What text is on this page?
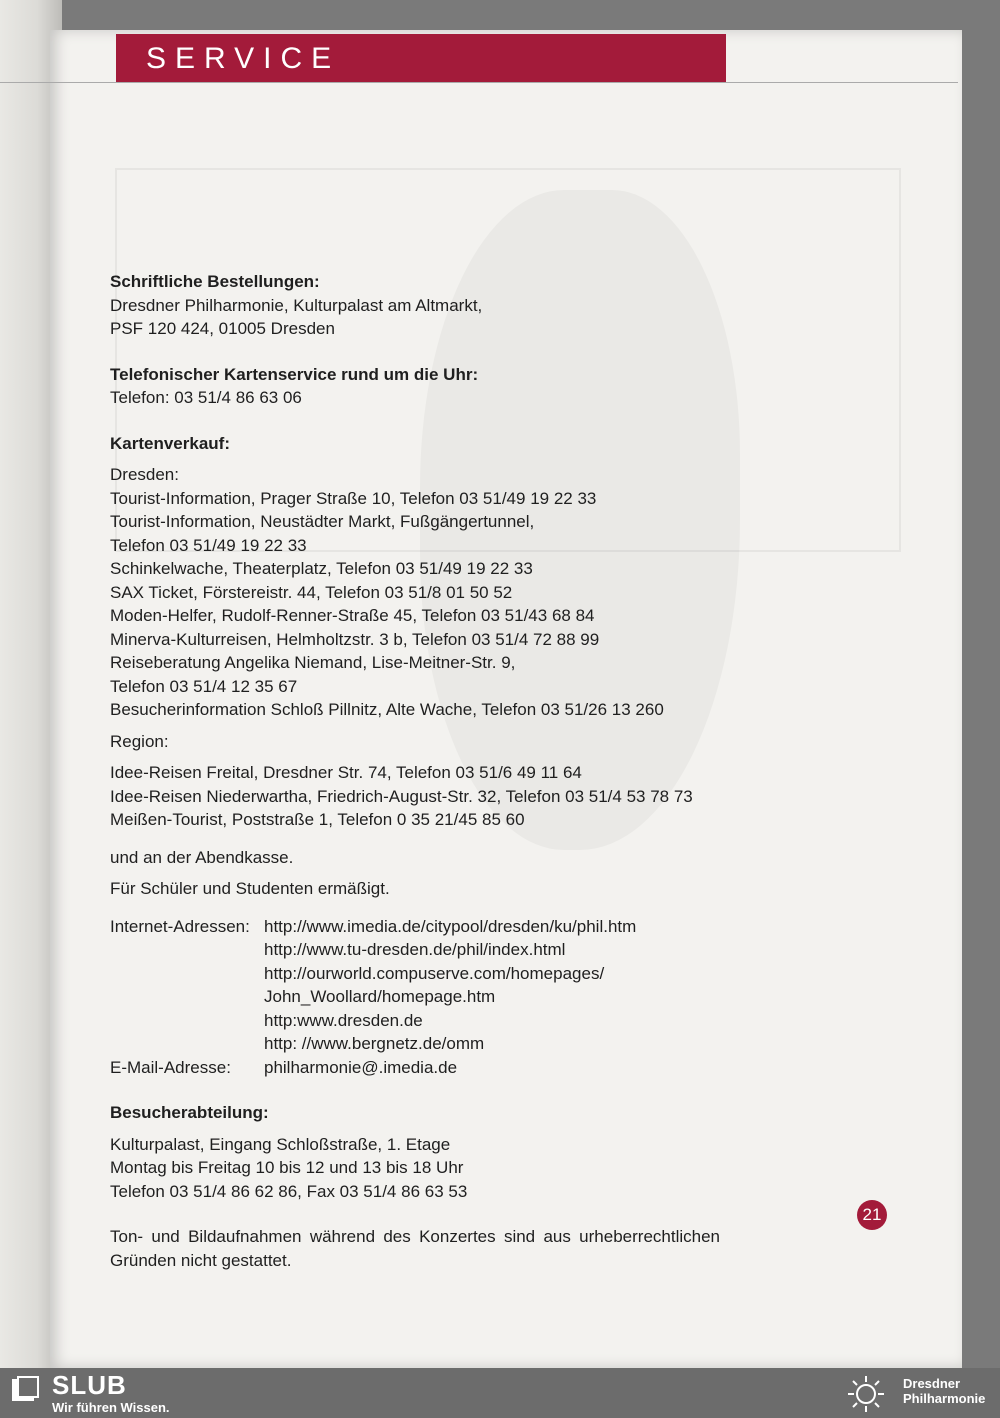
SERVICE

Schriftliche Bestellungen:

Dresdner Philharmonie, Kulturpalast am Altmarkt,

PSF 120 424, 01005 Dresden

Telefonischer Kartenservice rund um die Uhr:

Telefon: 03 51/4 86 63 06

Kartenverkauf:

Dresden:

Tourist-Information, Prager Straße 10, Telefon 03 51/49 19 22 33

Tourist-Information, Neustädter Markt, Fußgängertunnel,

Telefon 03 51/49 19 22 33

Schinkelwache, Theaterplatz, Telefon 03 51/49 19 22 33

SAX Ticket, Förstereistr. 44, Telefon 03 51/8 01 50 52

Moden-Helfer, Rudolf-Renner-Straße 45, Telefon 03 51/43 68 84

Minerva-Kulturreisen, Helmholtzstr. 3 b, Telefon 03 51/4 72 88 99

Reiseberatung Angelika Niemand, Lise-Meitner-Str. 9,

Telefon 03 51/4 12 35 67

Besucherinformation Schloß Pillnitz, Alte Wache, Telefon 03 51/26 13 260

Region:

Idee-Reisen Freital, Dresdner Str. 74, Telefon 03 51/6 49 11 64

Idee-Reisen Niederwartha, Friedrich-August-Str. 32, Telefon 03 51/4 53 78 73

Meißen-Tourist, Poststraße 1, Telefon 0 35 21/45 85 60

und an der Abendkasse.

Für Schüler und Studenten ermäßigt.

Internet-Adressen: http://www.imedia.de/citypool/dresden/ku/phil.htm

http://www.tu-dresden.de/phil/index.html

http://ourworld.compuserve.com/homepages/

John_Woollard/homepage.htm

http:www.dresden.de

http: //www.bergnetz.de/omm

E-Mail-Adresse:	philharmonie@.imedia.de

Besucherabteilung:

Kulturpalast, Eingang Schloßstraße, 1. Etage

Montag bis Freitag 10 bis 12 und 13 bis 18 Uhr

Telefon 03 51/4 86 62 86, Fax 03 51/4 86 63 53

Ton- und Bildaufnahmen während des Konzertes sind aus urheberrechtlichen Gründen nicht gestattet.

21
SLUB
Wir führen Wissen.
Dresdner
Philharmonie
